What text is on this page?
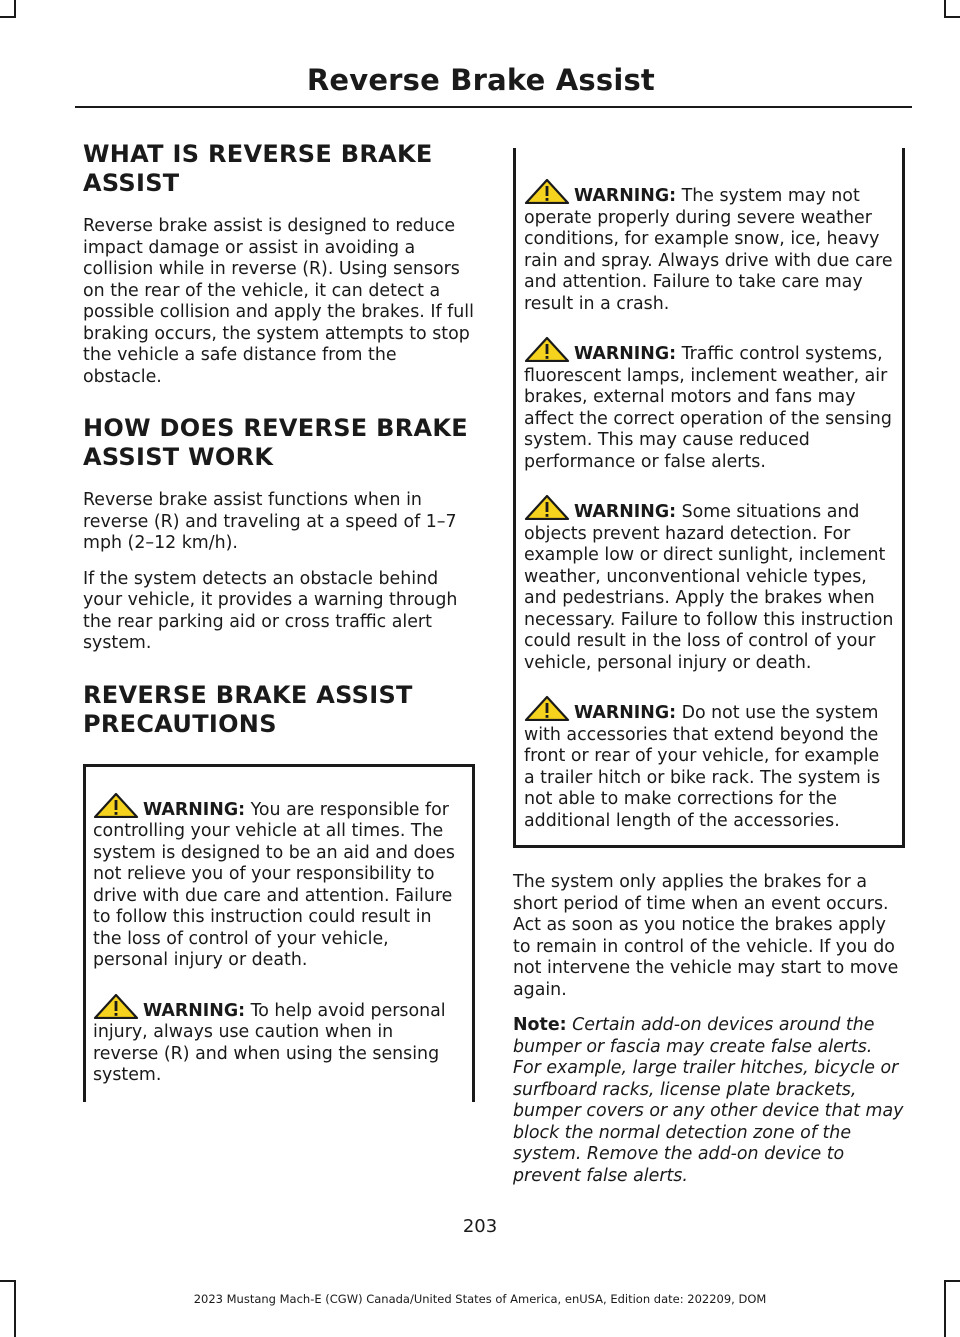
Reverse Brake Assist
WHAT IS REVERSE BRAKE
ASSIST

Reverse brake assist is designed to reduce impact damage or assist in avoiding a collision while in reverse (R). Using sensors on the rear of the vehicle, it can detect a possible collision and apply the brakes. If full braking occurs, the system attempts to stop the vehicle a safe distance from the obstacle.

HOW DOES REVERSE BRAKE
ASSIST WORK

Reverse brake assist functions when in reverse (R) and traveling at a speed of 1–7 mph (2–12 km/h).

If the system detects an obstacle behind your vehicle, it provides a warning through the rear parking aid or cross traffic alert system.

REVERSE BRAKE ASSIST
PRECAUTIONS
WARNING: You are responsible for controlling your vehicle at all times. The system is designed to be an aid and does not relieve you of your responsibility to drive with due care and attention. Failure to follow this instruction could result in the loss of control of your vehicle, personal injury or death.
WARNING: To help avoid personal injury, always use caution when in reverse (R) and when using the sensing system.
WARNING: The system may not operate properly during severe weather conditions, for example snow, ice, heavy rain and spray. Always drive with due care and attention. Failure to take care may result in a crash.
WARNING: Traffic control systems, fluorescent lamps, inclement weather, air brakes, external motors and fans may affect the correct operation of the sensing system. This may cause reduced performance or false alerts.
WARNING: Some situations and objects prevent hazard detection. For example low or direct sunlight, inclement weather, unconventional vehicle types, and pedestrians. Apply the brakes when necessary. Failure to follow this instruction could result in the loss of control of your vehicle, personal injury or death.
WARNING: Do not use the system with accessories that extend beyond the front or rear of your vehicle, for example a trailer hitch or bike rack. The system is not able to make corrections for the additional length of the accessories.

The system only applies the brakes for a short period of time when an event occurs. Act as soon as you notice the brakes apply to remain in control of the vehicle. If you do not intervene the vehicle may start to move again.

Note: Certain add-on devices around the bumper or fascia may create false alerts. For example, large trailer hitches, bicycle or surfboard racks, license plate brackets, bumper covers or any other device that may block the normal detection zone of the system. Remove the add-on device to prevent false alerts.

203
2023 Mustang Mach-E (CGW) Canada/United States of America, enUSA, Edition date: 202209, DOM
